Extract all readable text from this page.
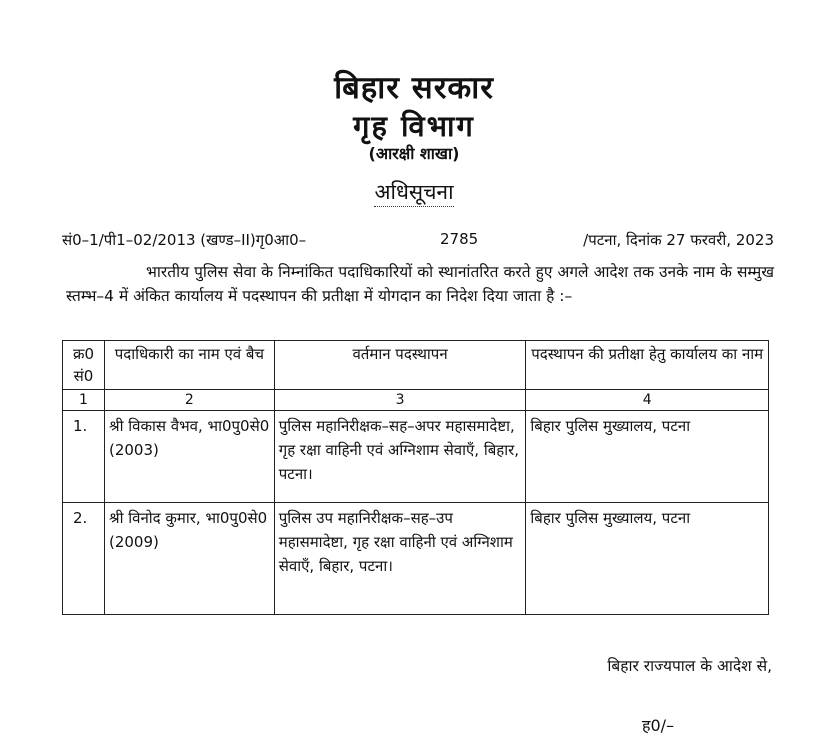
बिहार सरकार
गृह विभाग
(आरक्षी शाखा)
अधिसूचना
सं0–1/पी1–02/2013 (खण्ड–II)गृ0आ0–	2785	/पटना, दिनांक 27 फरवरी, 2023
भारतीय पुलिस सेवा के निम्नांकित पदाधिकारियों को स्थानांतरित करते हुए अगले आदेश तक उनके नाम के सम्मुख स्तम्भ–4 में अंकित कार्यालय में पदस्थापन की प्रतीक्षा में योगदान का निदेश दिया जाता है :–
क्र0 सं0	पदाधिकारी का नाम एवं बैच	वर्तमान पदस्थापन	पदस्थापन की प्रतीक्षा हेतु कार्यालय का नाम
1	2	3	4
1.	श्री विकास वैभव, भा0पु0से0 (2003)	पुलिस महानिरीक्षक–सह–अपर महासमादेष्टा, गृह रक्षा वाहिनी एवं अग्निशाम सेवाएँ, बिहार, पटना।	बिहार पुलिस मुख्यालय, पटना
2.	श्री विनोद कुमार, भा0पु0से0 (2009)	पुलिस उप महानिरीक्षक–सह–उप महासमादेष्टा, गृह रक्षा वाहिनी एवं अग्निशाम सेवाएँ, बिहार, पटना।	बिहार पुलिस मुख्यालय, पटना
बिहार राज्यपाल के आदेश से,
ह0/–
